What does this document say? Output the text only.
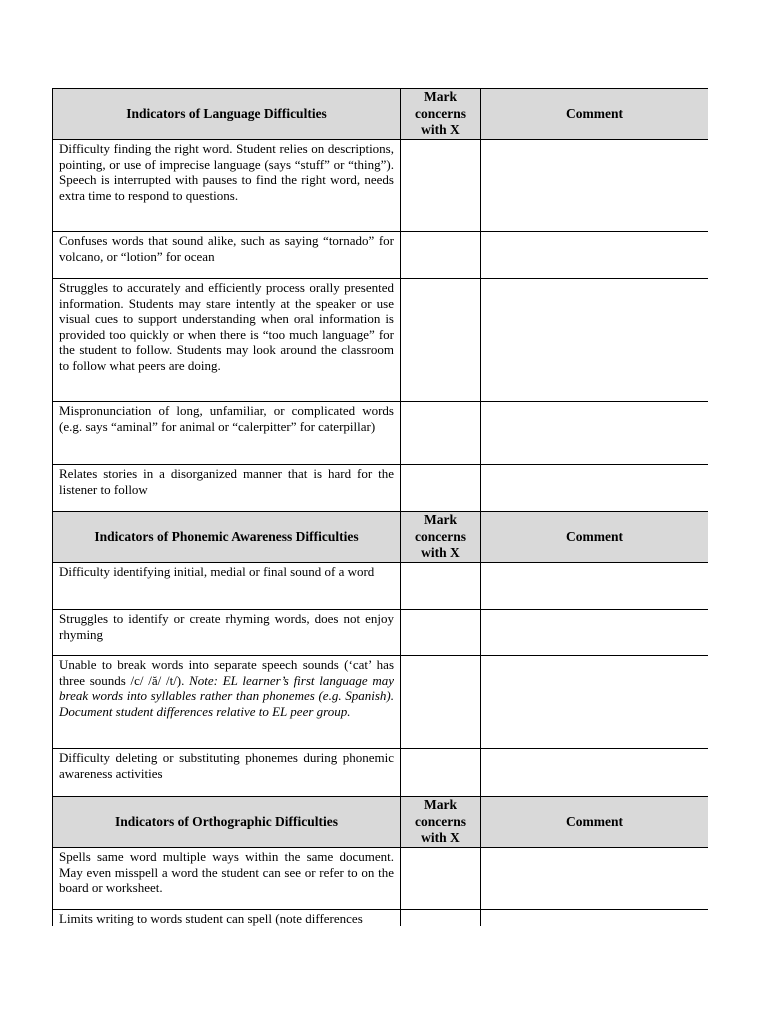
Indicators of Language Difficulties	Mark concerns with X	Comment
Difficulty finding the right word. Student relies on descriptions, pointing, or use of imprecise language (says “stuff” or “thing”). Speech is interrupted with pauses to find the right word, needs extra time to respond to questions.		
Confuses words that sound alike, such as saying “tornado” for volcano, or “lotion” for ocean		
Struggles to accurately and efficiently process orally presented information. Students may stare intently at the speaker or use visual cues to support understanding when oral information is provided too quickly or when there is “too much language” for the student to follow. Students may look around the classroom to follow what peers are doing.		
Mispronunciation of long, unfamiliar, or complicated words (e.g. says “aminal” for animal or “calerpitter” for caterpillar)		
Relates stories in a disorganized manner that is hard for the listener to follow		
Indicators of Phonemic Awareness Difficulties	Mark concerns with X	Comment
Difficulty identifying initial, medial or final sound of a word		
Struggles to identify or create rhyming words, does not enjoy rhyming		
Unable to break words into separate speech sounds (‘cat’ has three sounds /c/ /ă/ /t/). Note: EL learner’s first language may break words into syllables rather than phonemes (e.g. Spanish). Document student differences relative to EL peer group.		
Difficulty deleting or substituting phonemes during phonemic awareness activities		
Indicators of Orthographic Difficulties	Mark concerns with X	Comment
Spells same word multiple ways within the same document. May even misspell a word the student can see or refer to on the board or worksheet.		
Limits writing to words student can spell (note differences		
